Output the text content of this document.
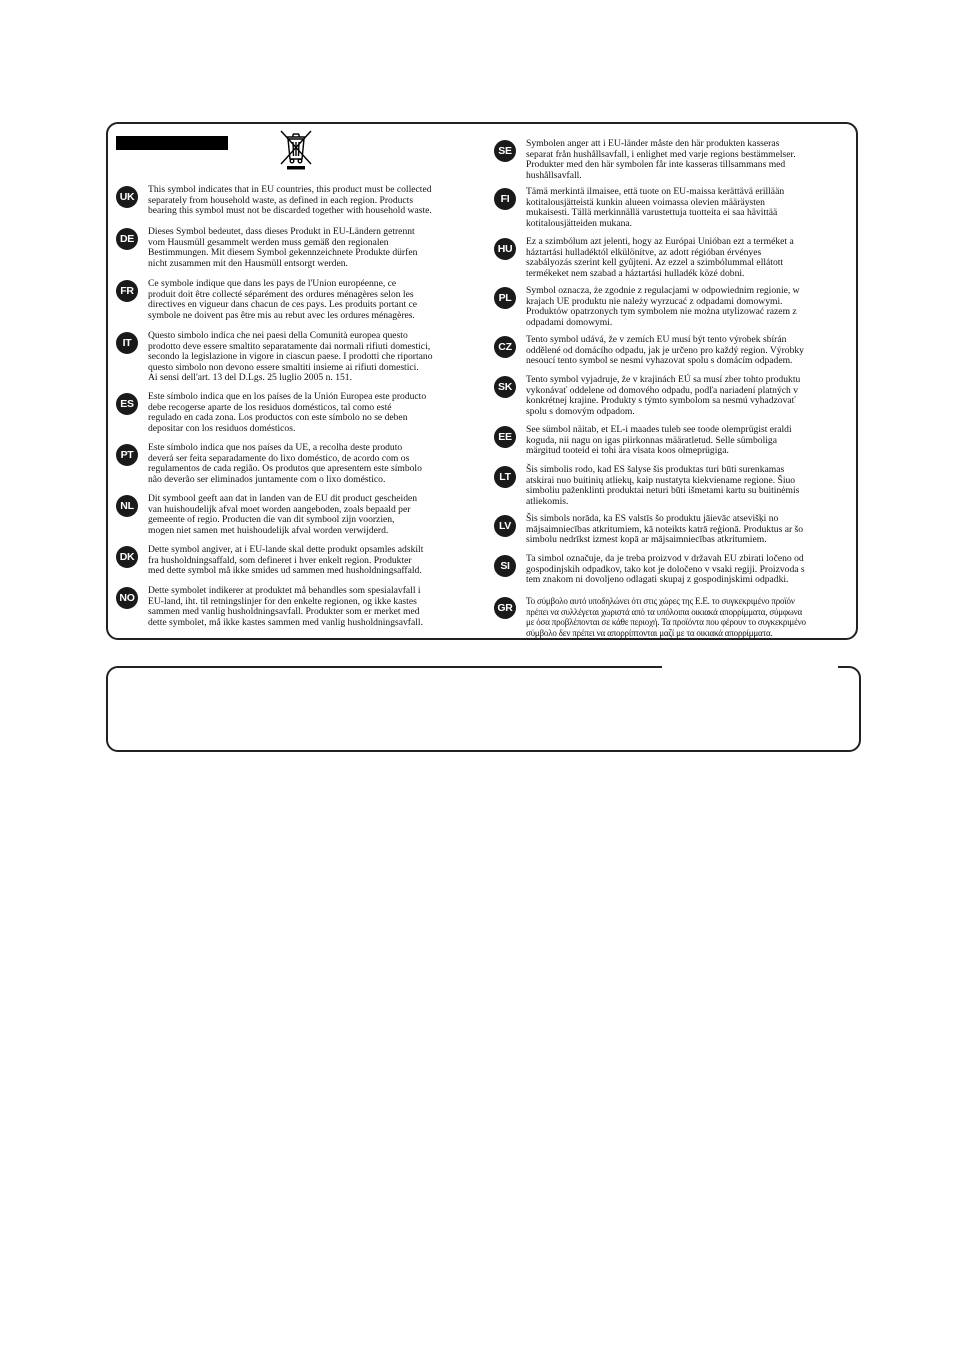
UK
This symbol indicates that in EU countries, this product must be collected
separately from household waste, as defined in each region. Products
bearing this symbol must not be discarded together with household waste.
DE
Dieses Symbol bedeutet, dass dieses Produkt in EU-Ländern getrennt
vom Hausmüll gesammelt werden muss gemäß den regionalen
Bestimmungen. Mit diesem Symbol gekennzeichnete Produkte dürfen
nicht zusammen mit den Hausmüll entsorgt werden.
FR
Ce symbole indique que dans les pays de l'Union européenne, ce
produit doit être collecté séparément des ordures ménagères selon les
directives en vigueur dans chacun de ces pays. Les produits portant ce
symbole ne doivent pas être mis au rebut avec les ordures ménagères.
IT
Questo simbolo indica che nei paesi della Comunità europea questo
prodotto deve essere smaltito separatamente dai normali rifiuti domestici,
secondo la legislazione in vigore in ciascun paese. I prodotti che riportano
questo simbolo non devono essere smaltiti insieme ai rifiuti domestici.
Ai sensi dell'art. 13 del D.Lgs. 25 luglio 2005 n. 151.
ES
Este símbolo indica que en los países de la Unión Europea este producto
debe recogerse aparte de los residuos domésticos, tal como esté
regulado en cada zona. Los productos con este símbolo no se deben
depositar con los residuos domésticos.
PT
Este símbolo indica que nos países da UE, a recolha deste produto
deverá ser feita separadamente do lixo doméstico, de acordo com os
regulamentos de cada região. Os produtos que apresentem este símbolo
não deverão ser eliminados juntamente com o lixo doméstico.
NL
Dit symbool geeft aan dat in landen van de EU dit product gescheiden
van huishoudelijk afval moet worden aangeboden, zoals bepaald per
gemeente of regio. Producten die van dit symbool zijn voorzien,
mogen niet samen met huishoudelijk afval worden verwijderd.
DK
Dette symbol angiver, at i EU-lande skal dette produkt opsamles adskilt
fra husholdningsaffald, som defineret i hver enkelt region. Produkter
med dette symbol må ikke smides ud sammen med husholdningsaffald.
NO
Dette symbolet indikerer at produktet må behandles som spesialavfall i
EU-land, iht. til retningslinjer for den enkelte regionen, og ikke kastes
sammen med vanlig husholdningsavfall. Produkter som er merket med
dette symbolet, må ikke kastes sammen med vanlig husholdningsavfall.
SE
Symbolen anger att i EU-länder måste den här produkten kasseras
separat från hushållsavfall, i enlighet med varje regions bestämmelser.
Produkter med den här symbolen får inte kasseras tillsammans med
hushållsavfall.
FI
Tämä merkintä ilmaisee, että tuote on EU-maissa kerättävä erillään
kotitalousjätteistä kunkin alueen voimassa olevien määräysten
mukaisesti. Tällä merkinnällä varustettuja tuotteita ei saa hävittää
kotitalousjätteiden mukana.
HU
Ez a szimbólum azt jelenti, hogy az Európai Unióban ezt a terméket a
háztartási hulladéktól elkülönítve, az adott régióban érvényes
szabályozás szerint kell gyűjteni. Az ezzel a szimbólummal ellátott
termékeket nem szabad a háztartási hulladék közé dobni.
PL
Symbol oznacza, że zgodnie z regulacjami w odpowiednim regionie, w
krajach UE produktu nie należy wyrzucać z odpadami domowymi.
Produktów opatrzonych tym symbolem nie można utylizować razem z
odpadami domowymi.
CZ
Tento symbol udává, že v zemích EU musí být tento výrobek sbírán
oddělené od domácího odpadu, jak je určeno pro každý region. Výrobky
nesoucí tento symbol se nesmí vyhazovat spolu s domácím odpadem.
SK
Tento symbol vyjadruje, že v krajinách EÚ sa musí zber tohto produktu
vykonávať oddelene od domového odpadu, podľa nariadení platných v
konkrétnej krajine. Produkty s týmto symbolom sa nesmú vyhadzovať
spolu s domovým odpadom.
EE
See sümbol näitab, et EL-i maades tuleb see toode olemprügist eraldi
koguda, nii nagu on igas piirkonnas määratletud. Selle sümboliga
märgitud tooteid ei tohi ära visata koos olmeprügiga.
LT
Šis simbolis rodo, kad ES šalyse šis produktas turi būti surenkamas
atskirai nuo buitinių atliekų, kaip nustatyta kiekviename regione. Šiuo
simboliu paženklinti produktai neturi būti išmetami kartu su buitinėmis
atliekomis.
LV
Šis simbols norāda, ka ES valstīs šo produktu jāievāc atsevišķi no
mājsaimniecības atkritumiem, kā noteikts katrā reģionā. Produktus ar šo
simbolu nedrīkst izmest kopā ar mājsaimniecības atkritumiem.
SI
Ta simbol označuje, da je treba proizvod v državah EU zbirati ločeno od
gospodinjskih odpadkov, tako kot je določeno v vsaki regiji. Proizvoda s
tem znakom ni dovoljeno odlagati skupaj z gospodinjskimi odpadki.
GR
Το σύμβολο αυτό υποδηλώνει ότι στις χώρες της Ε.Ε. το συγκεκριμένο προϊόν
πρέπει να συλλέγεται χωριστά από τα υπόλοιπα οικιακά απορρίμματα, σύμφωνα
με όσα προβλέπονται σε κάθε περιοχή. Τα προϊόντα που φέρουν το συγκεκριμένο
σύμβολο δεν πρέπει να απορρίπτονται μαζί με τα οικιακά απορρίμματα.
